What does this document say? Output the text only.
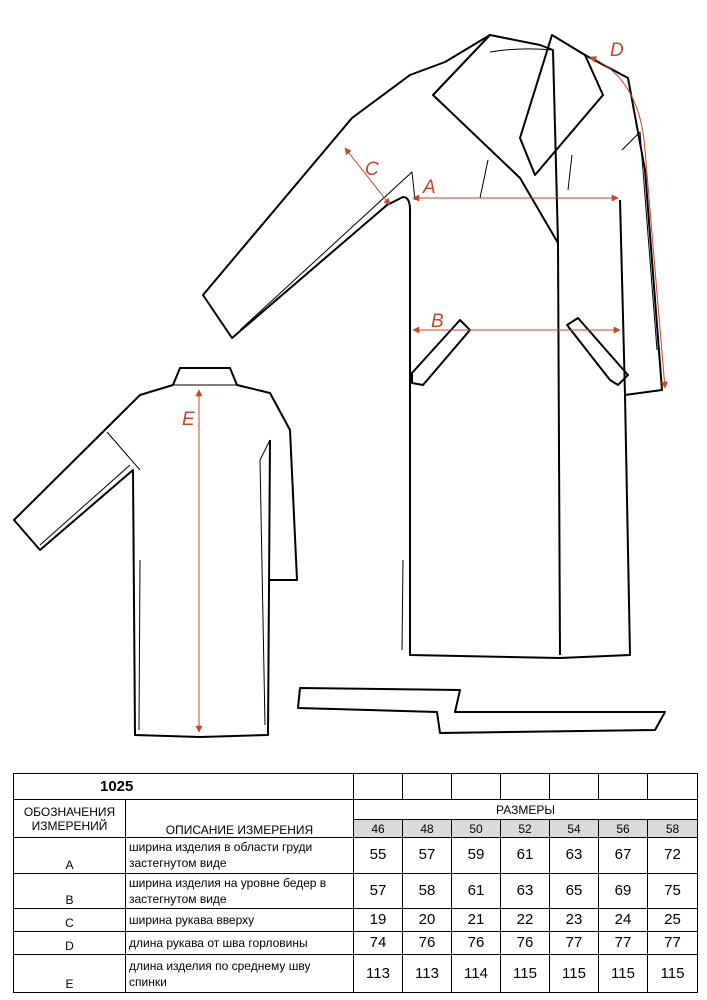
A
B
C
D
E
1025								
ОБОЗНАЧЕНИЯ ИЗМЕРЕНИЙ	ОПИСАНИЕ ИЗМЕРЕНИЯ	РАЗМЕРЫ						
		46	48	50	52	54	56	58
A	ширина изделия в области груди застегнутом виде	55	57	59	61	63	67	72
B	ширина изделия на уровне бедер в застегнутом виде	57	58	61	63	65	69	75
C	ширина рукава вверху	19	20	21	22	23	24	25
D	длина рукава от шва горловины	74	76	76	76	77	77	77
E	длина изделия по среднему шву спинки	113	113	114	115	115	115	115
